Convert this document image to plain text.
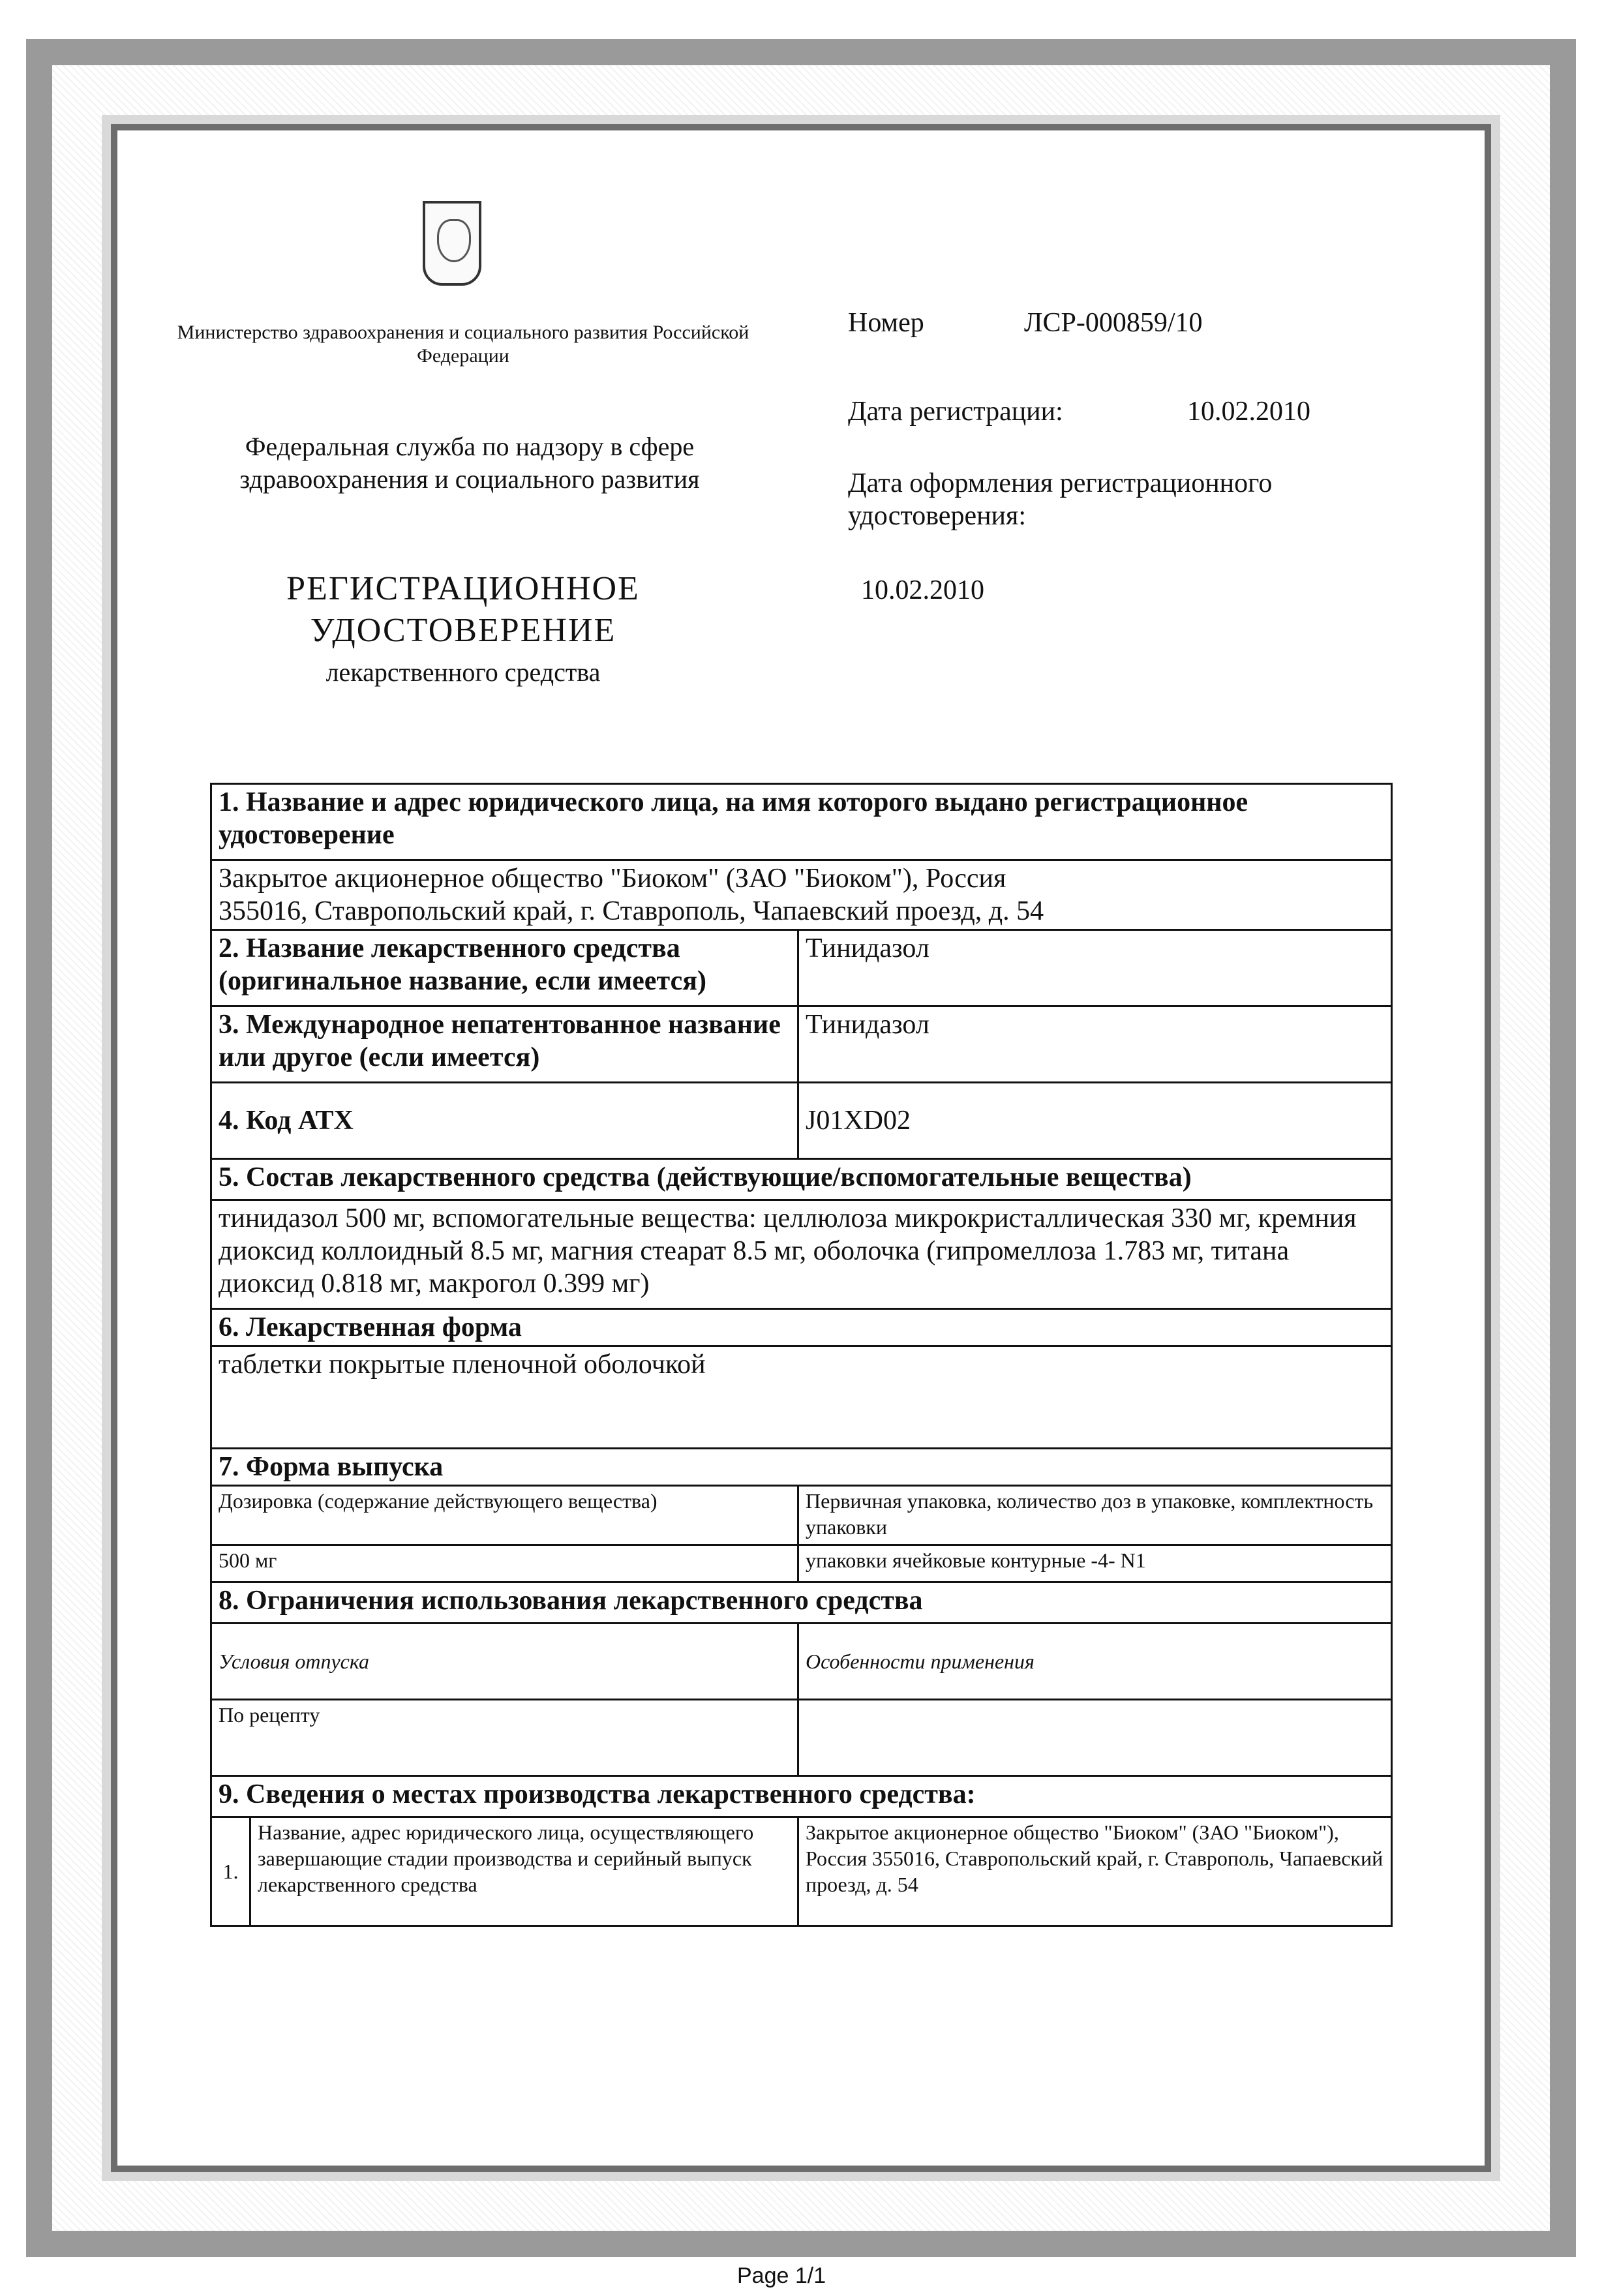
Министерство здравоохранения и социального развития Российской Федерации
Федеральная служба по надзору в сфере здравоохранения и социального развития
РЕГИСТРАЦИОННОЕ
УДОСТОВЕРЕНИЕ
лекарственного средства
Номер	ЛСР-000859/10
Дата регистрации:	10.02.2010
Дата оформления регистрационного удостоверения:
10.02.2010
1. Название и адрес юридического лица, на имя которого выдано регистрационное удостоверение		

Закрытое акционерное общество "Биоком" (ЗАО "Биоком"), Россия
355016, Ставропольский край, г. Ставрополь, Чапаевский проезд, д. 54		

2. Название лекарственного средства (оригинальное название, если имеется)		Тинидазол
3. Международное непатентованное название или другое (если имеется)		Тинидазол
4. Код АТХ		J01XD02
5. Состав лекарственного средства (действующие/вспомогательные вещества)		
тинидазол 500 мг, вспомогательные вещества: целлюлоза микрокристаллическая 330 мг, кремния диоксид коллоидный 8.5 мг, магния стеарат 8.5 мг, оболочка (гипромеллоза 1.783 мг, титана диоксид 0.818 мг, макрогол 0.399 мг)		
6. Лекарственная форма		
таблетки покрытые пленочной оболочкой		
7. Форма выпуска		
Дозировка (содержание действующего вещества)		Первичная упаковка, количество доз в упаковке, комплектность упаковки
500 мг		упаковки ячейковые контурные -4- N1
8. Ограничения использования лекарственного средства		
Условия отпуска		Особенности применения
По рецепту		
9. Сведения о местах производства лекарственного средства:		
1.	Название, адрес юридического лица, осуществляющего завершающие стадии производства и серийный выпуск лекарственного средства	Закрытое акционерное общество "Биоком" (ЗАО "Биоком"), Россия 355016, Ставропольский край, г. Ставрополь, Чапаевский проезд, д. 54
Page 1/1
